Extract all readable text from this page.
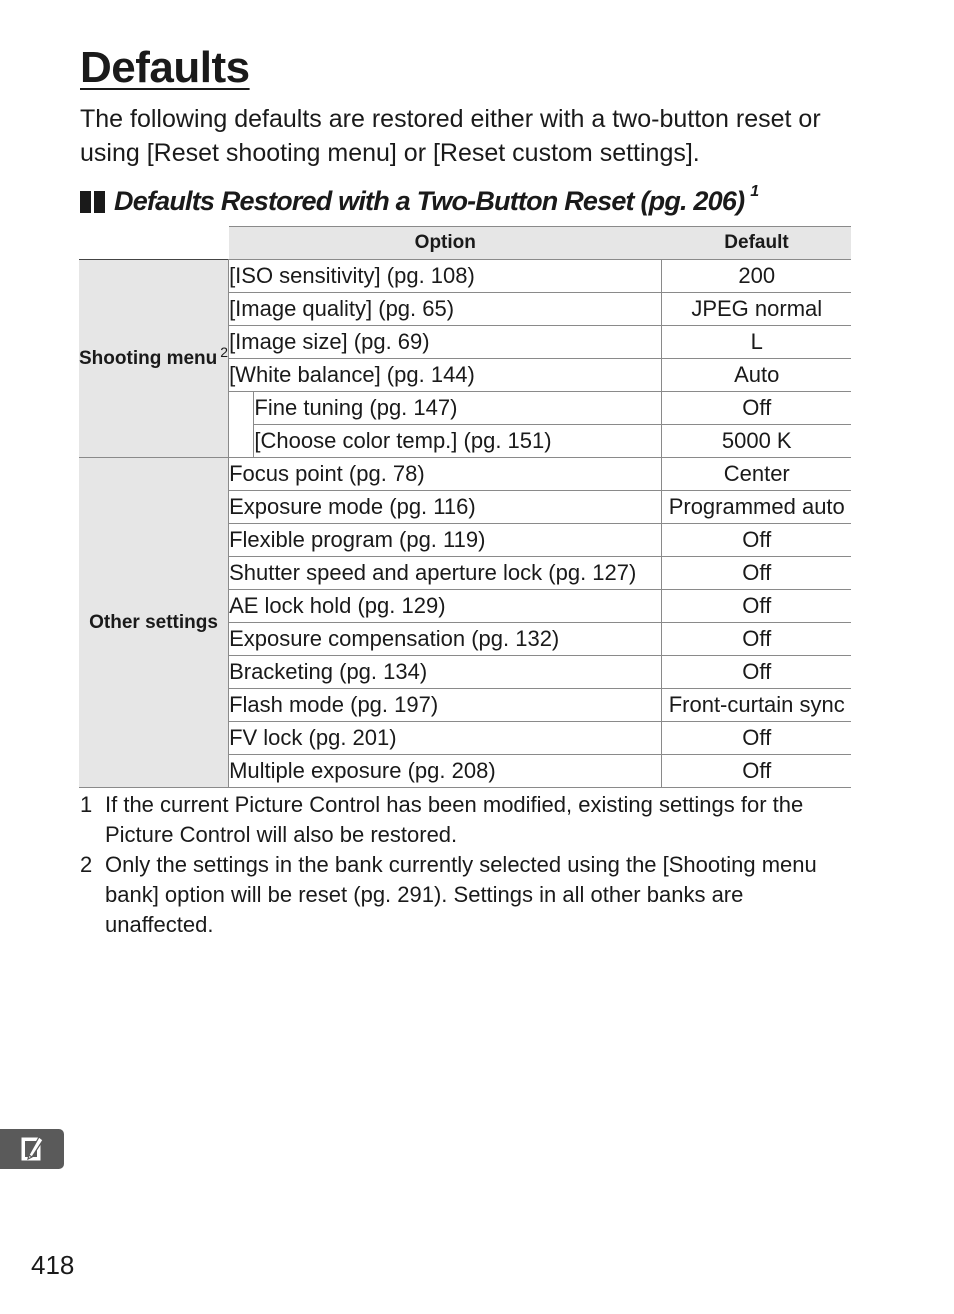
Defaults

The following defaults are restored either with a two-button reset or using [Reset shooting menu] or [Reset custom settings].

Defaults Restored with a Two-Button Reset (pg. 206) 1
	Option		Default
Shooting menu $^2$	[ISO sensitivity] (pg. 108)		200
	[Image quality] (pg. 65)		JPEG normal
	[Image size] (pg. 69)		L
	[White balance] (pg. 144)		Auto
		Fine tuning (pg. 147)	Off
		[Choose color temp.] (pg. 151)	5000 K
Other settings	Focus point (pg. 78)		Center
	Exposure mode (pg. 116)		Programmed auto
	Flexible program (pg. 119)		Off
	Shutter speed and aperture lock (pg. 127)		Off
	AE lock hold (pg. 129)		Off
	Exposure compensation (pg. 132)		Off
	Bracketing (pg. 134)		Off
	Flash mode (pg. 197)		Front-curtain sync
	FV lock (pg. 201)		Off
	Multiple exposure (pg. 208)		Off
1 If the current Picture Control has been modified, existing settings for the Picture Control will also be restored.
2 Only the settings in the bank currently selected using the [Shooting menu bank] option will be reset (pg. 291). Settings in all other banks are unaffected.
418
